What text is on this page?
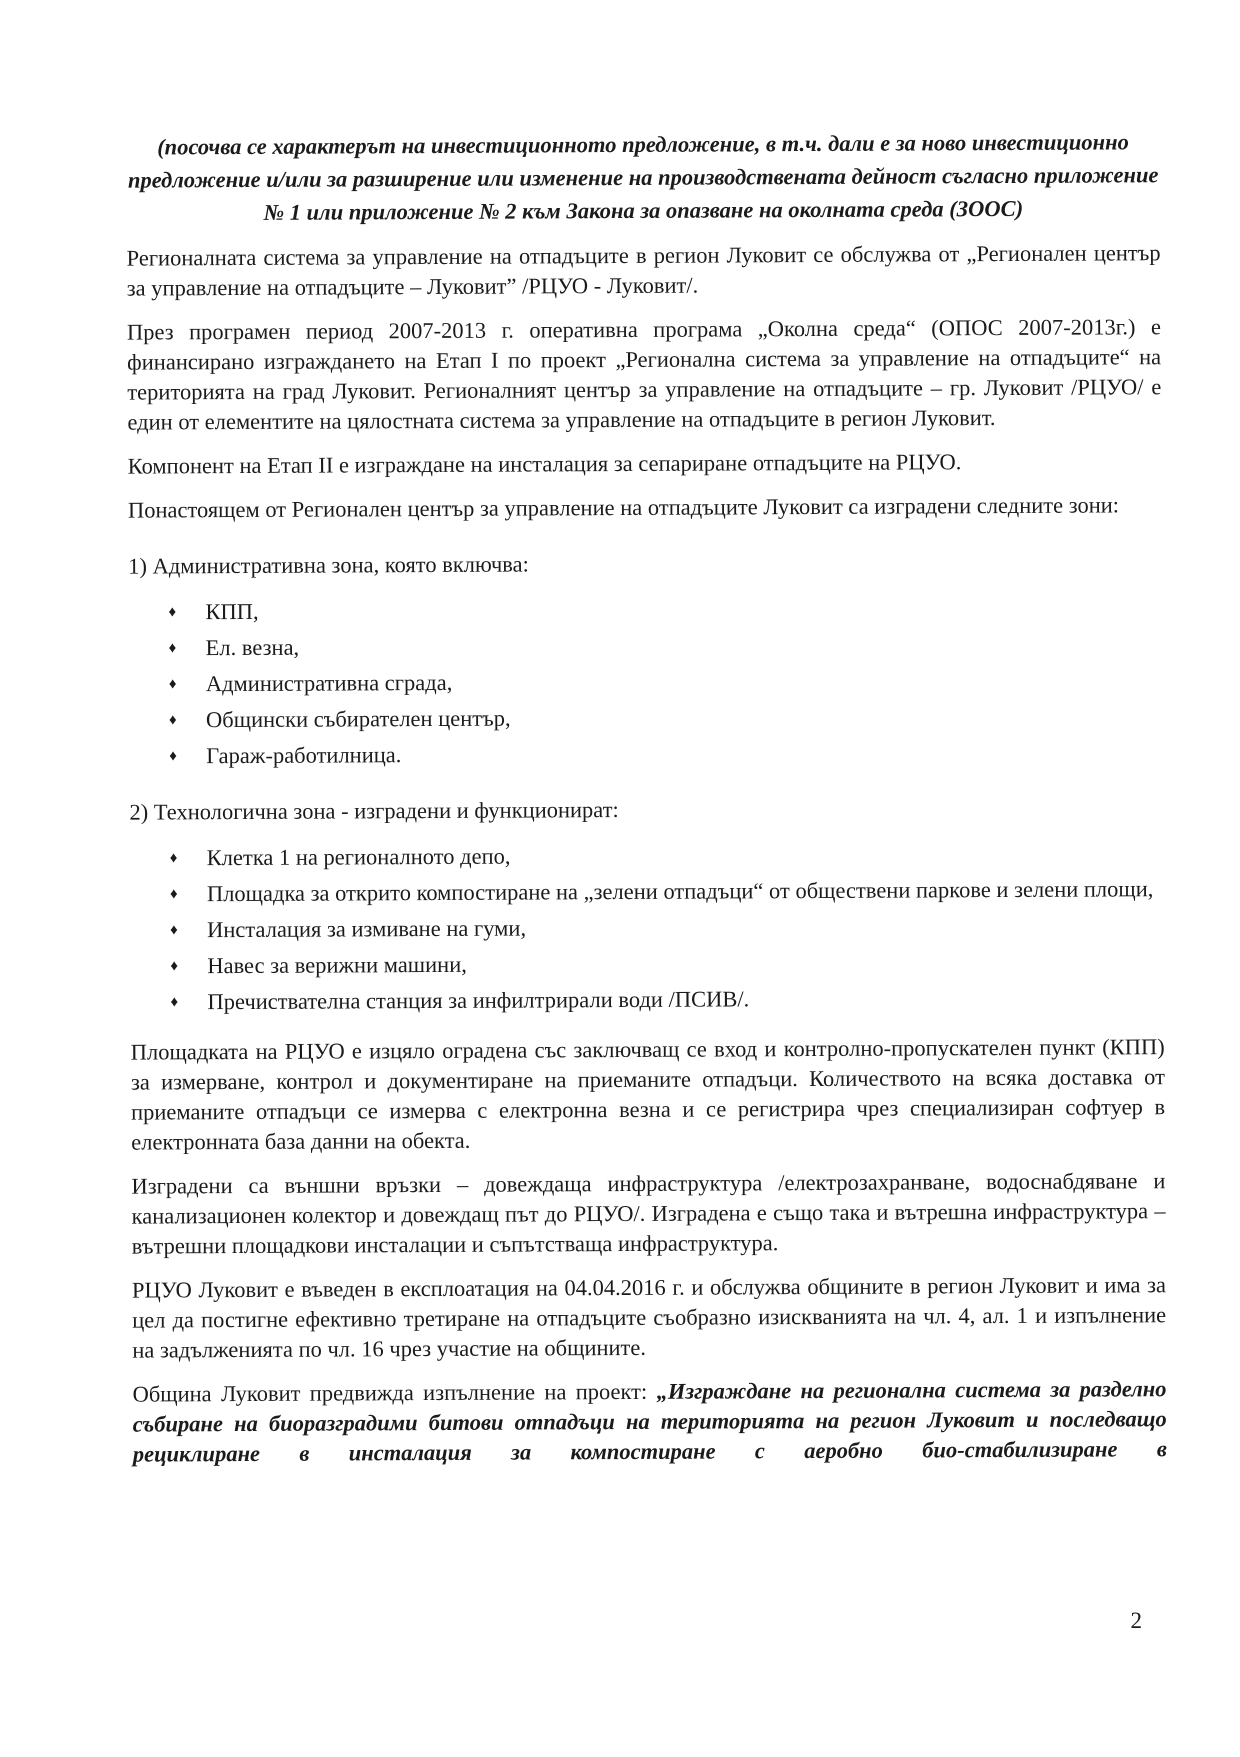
(посочва се характерът на инвестиционното предложение, в т.ч. дали е за ново инвестиционно предложение и/или за разширение или изменение на производствената дейност съгласно приложение № 1 или приложение № 2 към Закона за опазване на околната среда (ЗООС)

Регионалната система за управление на отпадъците в регион Луковит се обслужва от „Регионален център за управление на отпадъците – Луковит” /РЦУО - Луковит/.

През програмен период 2007-2013 г. оперативна програма „Околна среда“ (ОПОС 2007-2013г.) е финансирано изграждането на Етап I по проект „Регионална система за управление на отпадъците“ на територията на град Луковит. Регионалният център за управление на отпадъците – гр. Луковит /РЦУО/ е един от елементите на цялостната система за управление на отпадъците в регион Луковит.

Компонент на Етап II е изграждане на инсталация за сепариране отпадъците на РЦУО.

Понастоящем от Регионален център за управление на отпадъците Луковит са изградени следните зони:

1) Административна зона, която включва:

♦ КПП,
♦ Ел. везна,
♦ Административна сграда,
♦ Общински събирателен център,
♦ Гараж-работилница.

2) Технологична зона - изградени и функционират:

♦ Клетка 1 на регионалното депо,
♦ Площадка за открито компостиране на „зелени отпадъци“ от обществени паркове и зелени площи,
♦ Инсталация за измиване на гуми,
♦ Навес за верижни машини,
♦ Пречиствателна станция за инфилтрирали води /ПСИВ/.

Площадката на РЦУО е изцяло оградена със заключващ се вход и контролно-пропускателен пункт (КПП) за измерване, контрол и документиране на приеманите отпадъци. Количеството на всяка доставка от приеманите отпадъци се измерва с електронна везна и се регистрира чрез специализиран софтуер в електронната база данни на обекта.

Изградени са външни връзки – довеждаща инфраструктура /електрозахранване, водоснабдяване и канализационен колектор и довеждащ път до РЦУО/. Изградена е също така и вътрешна инфраструктура – вътрешни площадкови инсталации и съпътстваща инфраструктура.

РЦУО Луковит е въведен в експлоатация на 04.04.2016 г. и обслужва общините в регион Луковит и има за цел да постигне ефективно третиране на отпадъците съобразно изискванията на чл. 4, ал. 1 и изпълнение на задълженията по чл. 16 чрез участие на общините.

Община Луковит предвижда изпълнение на проект: „Изграждане на регионална система за разделно събиране на биоразградими битови отпадъци на територията на регион Луковит и последващо рециклиране в инсталация за компостиране с аеробно био-стабилизиране в

2
